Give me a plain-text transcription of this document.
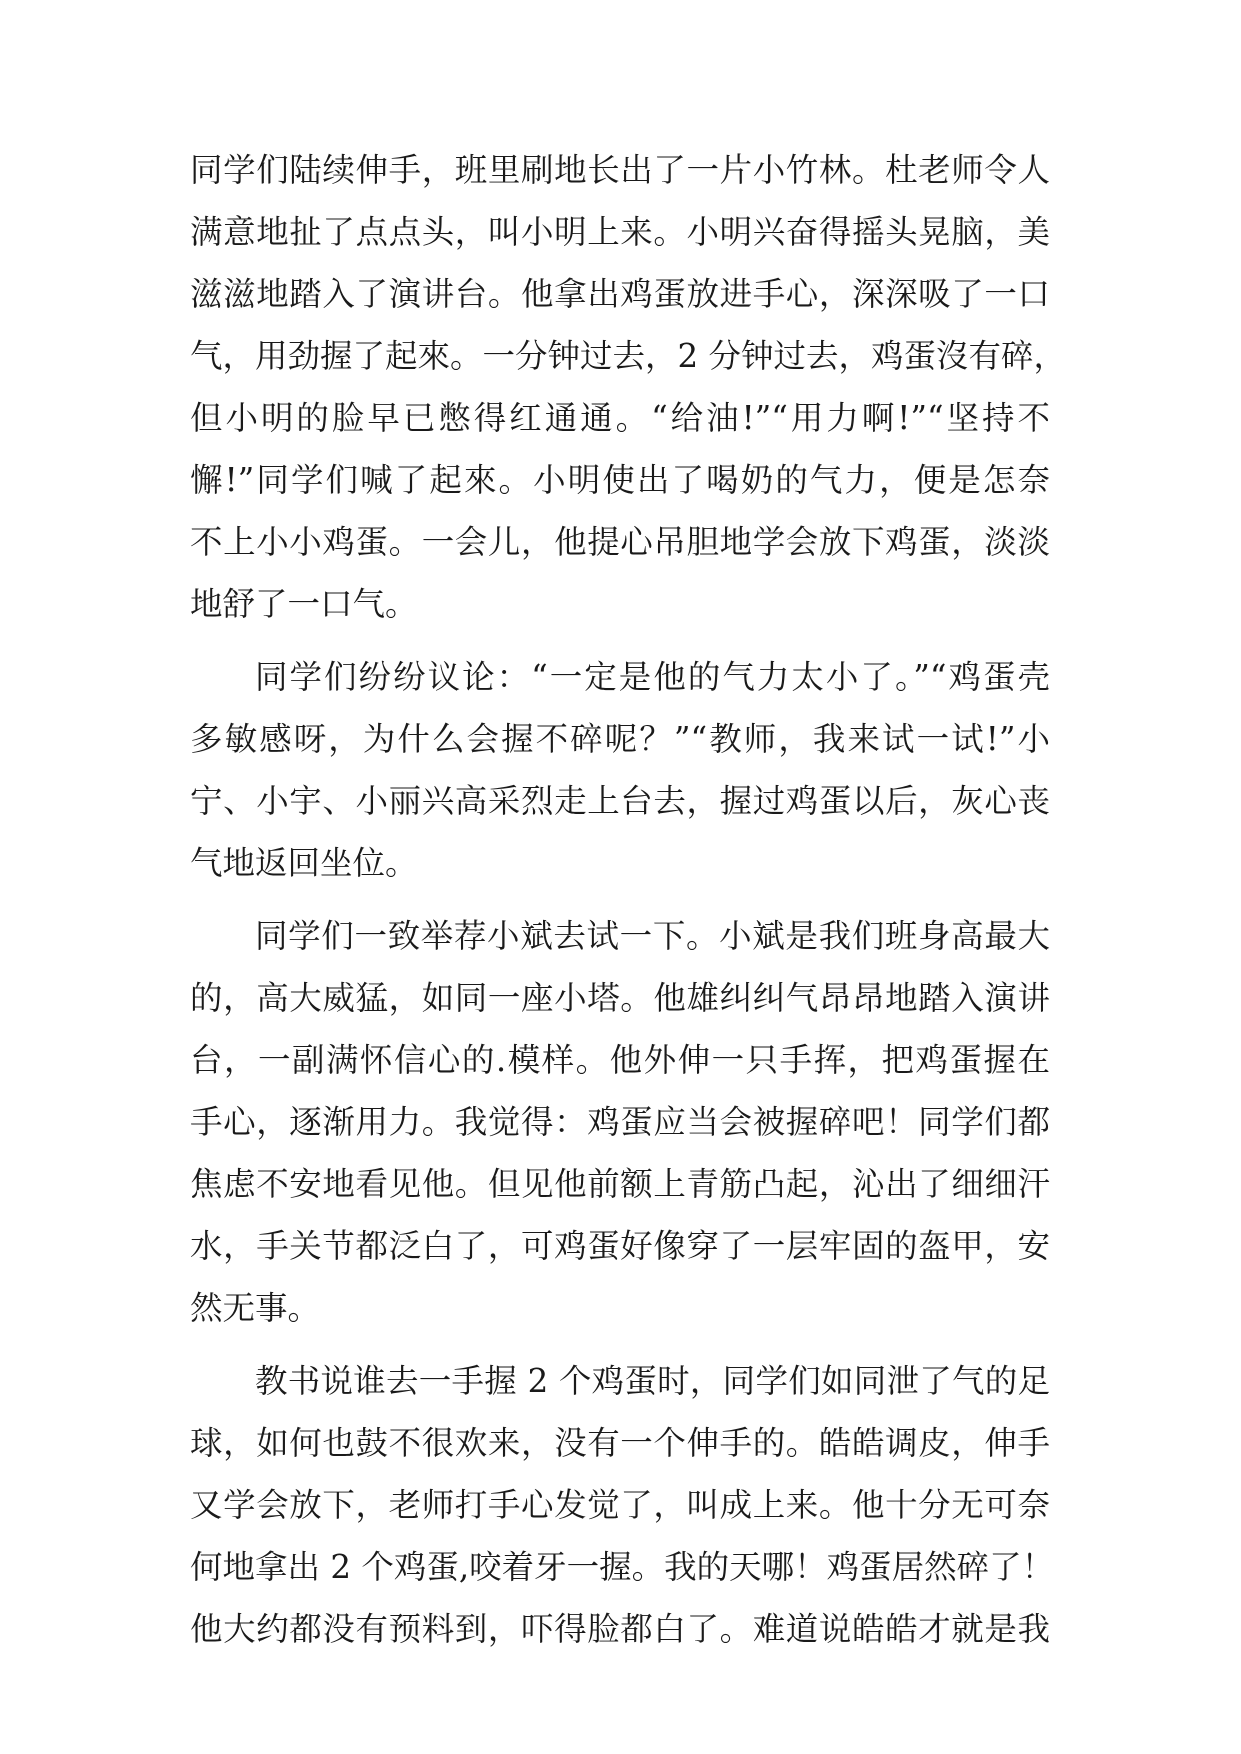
同学们陆续伸手，班里刷地长出了一片小竹林。杜老师令人
满意地扯了点点头，叫小明上来。小明兴奋得摇头晃脑，美
滋滋地踏入了演讲台。他拿出鸡蛋放进手心，深深吸了一口
气，用劲握了起來。一分钟过去，2 分钟过去，鸡蛋沒有碎，
但小明的脸早已憋得红通通。“给油!”“用力啊!”“坚持不
懈!”同学们喊了起來。小明使出了喝奶的气力，便是怎奈
不上小小鸡蛋。一会儿，他提心吊胆地学会放下鸡蛋，淡淡
地舒了一口气。
同学们纷纷议论：“一定是他的气力太小了。”“鸡蛋壳
多敏感呀，为什么会握不碎呢？”“教师，我来试一试!”小
宁、小宇、小丽兴高采烈走上台去，握过鸡蛋以后，灰心丧
气地返回坐位。
同学们一致举荐小斌去试一下。小斌是我们班身高最大
的，高大威猛，如同一座小塔。他雄纠纠气昂昂地踏入演讲
台，一副满怀信心的.模样。他外伸一只手挥，把鸡蛋握在
手心，逐渐用力。我觉得：鸡蛋应当会被握碎吧！同学们都
焦虑不安地看见他。但见他前额上青筋凸起，沁出了细细汗
水，手关节都泛白了，可鸡蛋好像穿了一层牢固的盔甲，安
然无事。
教书说谁去一手握 2 个鸡蛋时，同学们如同泄了气的足
球，如何也鼓不很欢来，没有一个伸手的。皓皓调皮，伸手
又学会放下，老师打手心发觉了，叫成上来。他十分无可奈
何地拿出 2 个鸡蛋,咬着牙一握。我的天哪！鸡蛋居然碎了！
他大约都没有预料到，吓得脸都白了。难道说皓皓才就是我
